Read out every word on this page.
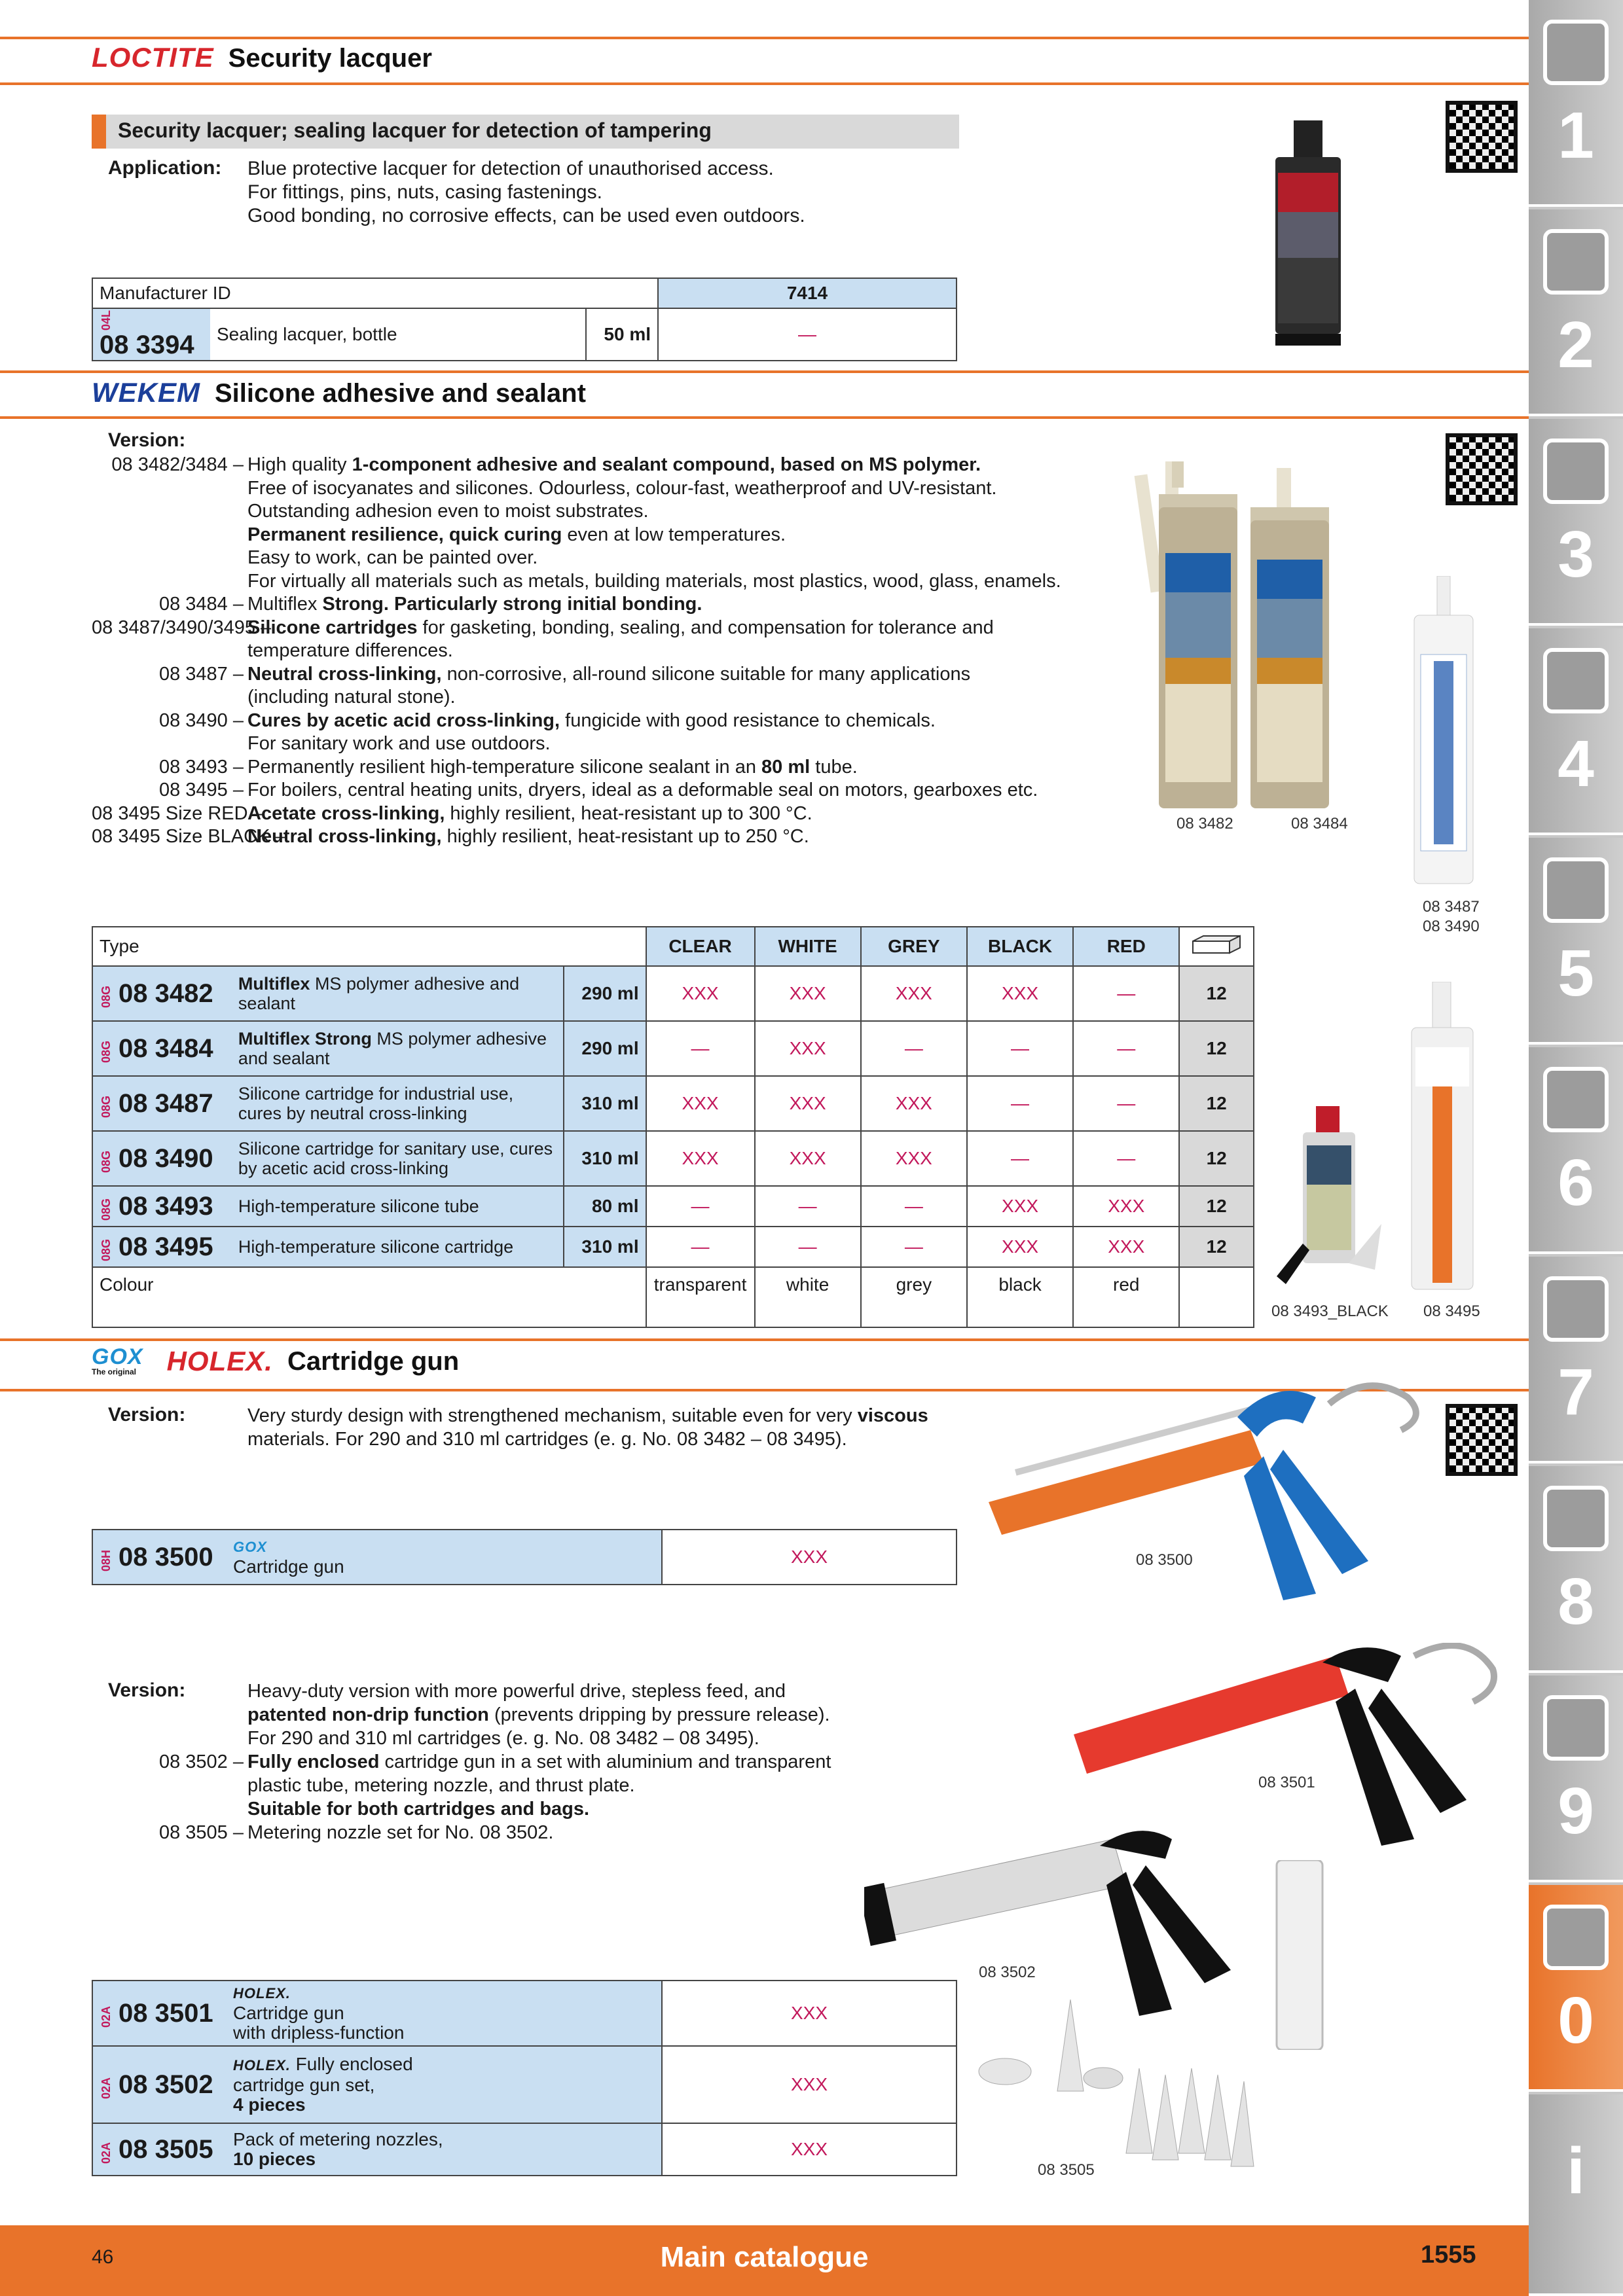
LOCTITE Security lacquer
Security lacquer; sealing lacquer for detection of tampering
Application: Blue protective lacquer for detection of unauthorised access.
For fittings, pins, nuts, casing fastenings.
Good bonding, no corrosive effects, can be used even outdoors.
Manufacturer ID			7414
04L08 3394	Sealing lacquer, bottle	50 ml	—
WEKEM Silicone adhesive and sealant
Version:
08 3482/3484 – High quality 1-component adhesive and sealant compound, based on MS polymer.
Free of isocyanates and silicones. Odourless, colour-fast, weatherproof and UV-resistant.
Outstanding adhesion even to moist substrates.
Permanent resilience, quick curing even at low temperatures.
Easy to work, can be painted over.
For virtually all materials such as metals, building materials, most plastics, wood, glass, enamels.
08 3484 – Multiflex Strong. Particularly strong initial bonding.
08 3487/3490/3495 –
Silicone cartridges for gasketing, bonding, sealing, and compensation for tolerance and
temperature differences.
08 3487 – Neutral cross-linking, non-corrosive, all-round silicone suitable for many applications
(including natural stone).
08 3490 – Cures by acetic acid cross-linking, fungicide with good resistance to chemicals.
For sanitary work and use outdoors.
08 3493 – Permanently resilient high-temperature silicone sealant in an 80 ml tube.
08 3495 – For boilers, central heating units, dryers, ideal as a deformable seal on motors, gearboxes etc.
08 3495 Size RED –
Acetate cross-linking, highly resilient, heat-resistant up to 300 °C.
08 3495 Size BLACK –
Neutral cross-linking, highly resilient, heat-resistant up to 250 °C.
Type			CLEAR	WHITE	GREY	BLACK	RED	
08G 08 3482	Multiflex MS polymer adhesive and sealant	290 ml	XXX	XXX	XXX	XXX	—	12
08G 08 3484	Multiflex Strong MS polymer adhesive and sealant	290 ml	—	XXX	—	—	—	12
08G 08 3487	Silicone cartridge for industrial use, cures by neutral cross-linking	310 ml	XXX	XXX	XXX	—	—	12
08G 08 3490	Silicone cartridge for sanitary use, cures by acetic acid cross-linking	310 ml	XXX	XXX	XXX	—	—	12
08G 08 3493	High-temperature silicone tube	80 ml	—	—	—	XXX	XXX	12
08G 08 3495	High-temperature silicone cartridge	310 ml	—	—	—	XXX	XXX	12
Colour			transparent	white	grey	black	red	
08 3482	08 3484
08 3487
08 3490
08 3493_BLACK 08 3495
GOX
The original HOLEX. Cartridge gun
Version:	Very sturdy design with strengthened mechanism, suitable even for very viscous
materials. For 290 and 310 ml cartridges (e. g. No. 08 3482 – 08 3495).
08H 08 3500	GOX
Cartridge gun	XXX
Version:	Heavy-duty version with more powerful drive, stepless feed, and
patented non-drip function (prevents dripping by pressure release).
For 290 and 310 ml cartridges (e. g. No. 08 3482 – 08 3495).
08 3502 – Fully enclosed cartridge gun in a set with aluminium and transparent
plastic tube, metering nozzle, and thrust plate.
Suitable for both cartridges and bags.
08 3505 – Metering nozzle set for No. 08 3502.
02A 08 3501	HOLEX.
Cartridge gun
with dripless-function	XXX
02A 08 3502	HOLEX. Fully enclosed
cartridge gun set,
4 pieces	XXX
02A 08 3505	Pack of metering nozzles,
10 pieces	XXX
08 3500
08 3501
08 3502
08 3505
46	Main catalogue	1555
1
2
3
4
5
6
7
8
9
0
i
